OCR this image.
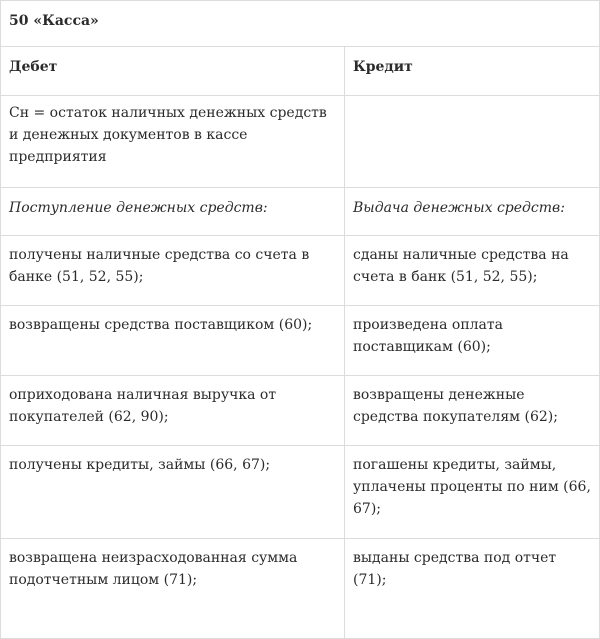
50 «Касса»	
Дебет	Кредит
Сн = остаток наличных денежных средств и денежных документов в кассе предприятия	
Поступление денежных средств:	Выдача денежных средств:
получены наличные средства со счета в банке (51, 52, 55);	сданы наличные средства на счета в банк (51, 52, 55);
возвращены средства поставщиком (60);	произведена оплата поставщикам (60);
оприходована наличная выручка от покупателей (62, 90);	возвращены денежные средства покупателям (62);
получены кредиты, займы (66, 67);	погашены кредиты, займы, уплачены проценты по ним (66, 67);
возвращена неизрасходованная сумма подотчетным лицом (71);	выданы средства под отчет (71);
